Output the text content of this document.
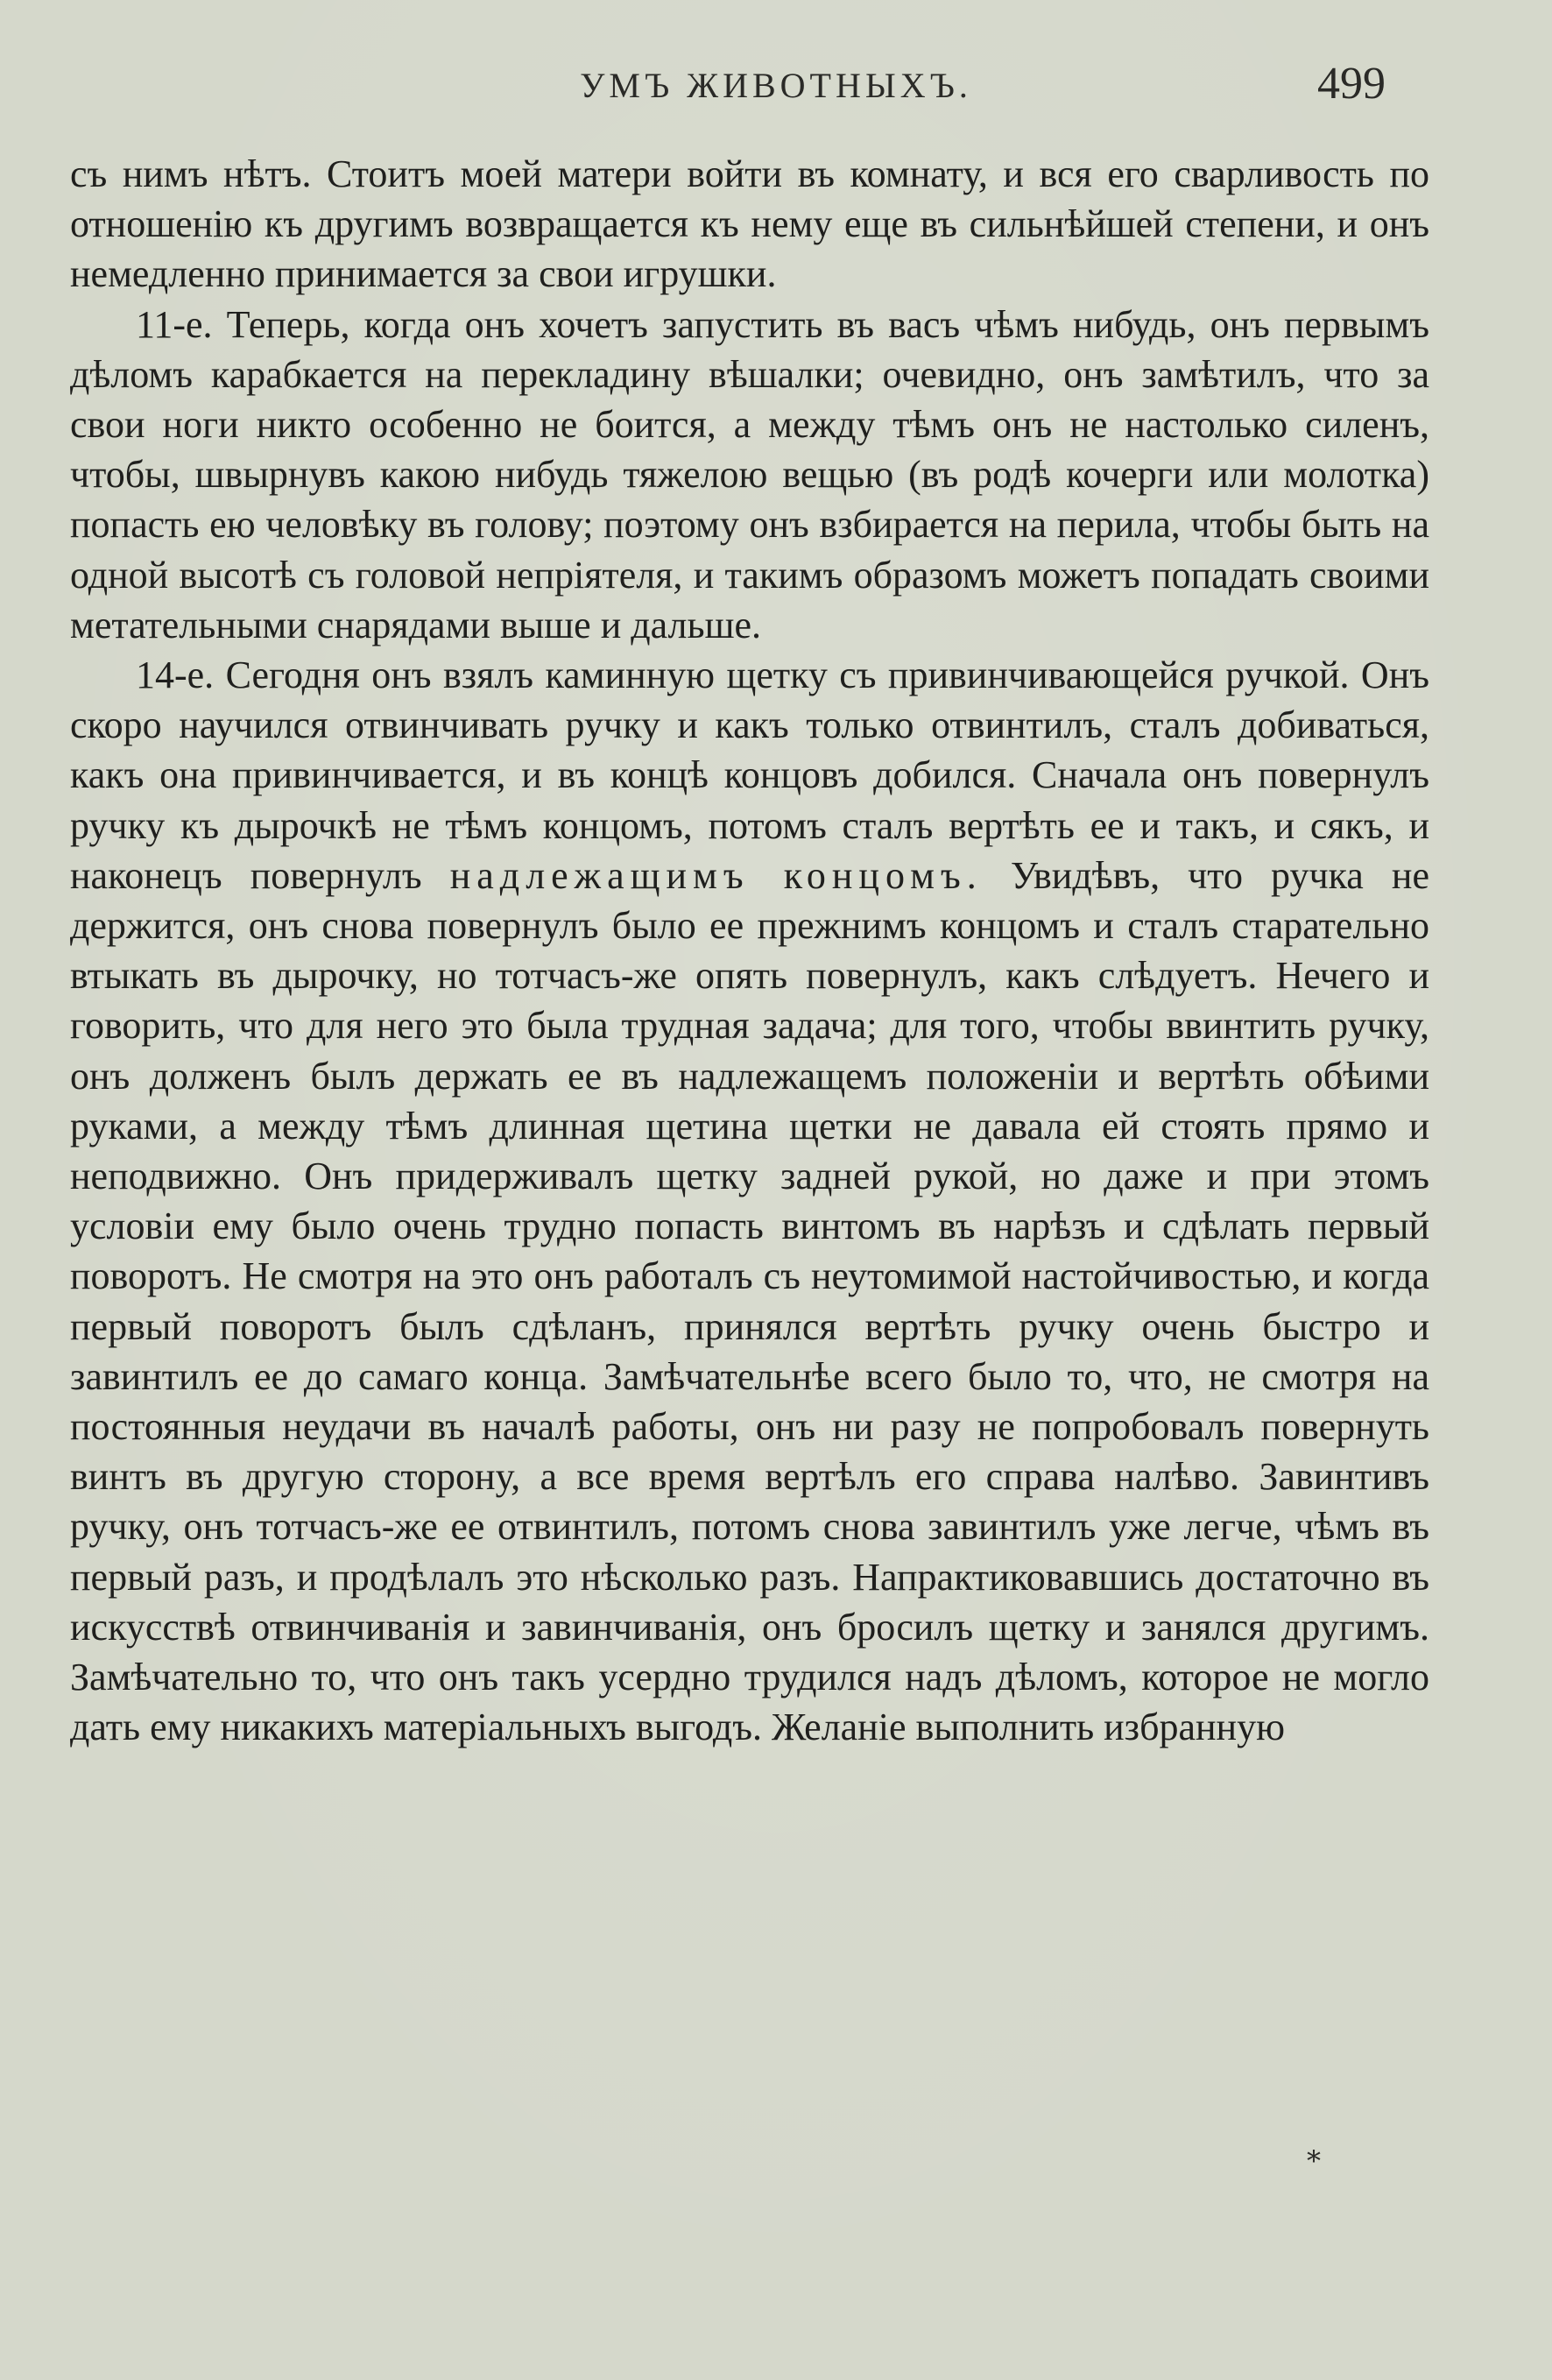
УМЪ ЖИВОТНЫХЪ.	499

съ нимъ нѣтъ. Стоитъ моей матери войти въ комнату, и вся его сварливость по отношенію къ другимъ возвращается къ нему еще въ сильнѣйшей степени, и онъ немедленно принимается за свои игрушки.

11-е. Теперь, когда онъ хочетъ запустить въ васъ чѣмъ нибудь, онъ первымъ дѣломъ карабкается на перекладину вѣшалки; очевидно, онъ замѣтилъ, что за свои ноги никто особенно не боится, а между тѣмъ онъ не настолько силенъ, чтобы, швырнувъ какою нибудь тяжелою вещью (въ родѣ кочерги или молотка) попасть ею человѣку въ голову; поэтому онъ взбирается на перила, чтобы быть на одной высотѣ съ головой непріятеля, и такимъ образомъ можетъ попадать своими метательными снарядами выше и дальше.

14-е. Сегодня онъ взялъ каминную щетку съ привинчивающейся ручкой. Онъ скоро научился отвинчивать ручку и какъ только отвинтилъ, сталъ добиваться, какъ она привинчивается, и въ концѣ концовъ добился. Сначала онъ повернулъ ручку къ дырочкѣ не тѣмъ концомъ, потомъ сталъ вертѣть ее и такъ, и сякъ, и наконецъ повернулъ надлежащимъ концомъ. Увидѣвъ, что ручка не держится, онъ снова повернулъ было ее прежнимъ концомъ и сталъ старательно втыкать въ дырочку, но тотчасъ-же опять повернулъ, какъ слѣдуетъ. Нечего и говорить, что для него это была трудная задача; для того, чтобы ввинтить ручку, онъ долженъ былъ держать ее въ надлежащемъ положеніи и вертѣть обѣими руками, а между тѣмъ длинная щетина щетки не давала ей стоять прямо и неподвижно. Онъ придерживалъ щетку задней рукой, но даже и при этомъ условіи ему было очень трудно попасть винтомъ въ нарѣзъ и сдѣлать первый поворотъ. Не смотря на это онъ работалъ съ неутомимой настойчивостью, и когда первый поворотъ былъ сдѣланъ, принялся вертѣть ручку очень быстро и завинтилъ ее до самаго конца. Замѣчательнѣе всего было то, что, не смотря на постоянныя неудачи въ началѣ работы, онъ ни разу не попробовалъ повернуть винтъ въ другую сторону, а все время вертѣлъ его справа налѣво. Завинтивъ ручку, онъ тотчасъ-же ее отвинтилъ, потомъ снова завинтилъ уже легче, чѣмъ въ первый разъ, и продѣлалъ это нѣсколько разъ. Напрактиковавшись достаточно въ искусствѣ отвинчиванія и завинчиванія, онъ бросилъ щетку и занялся другимъ. Замѣчательно то, что онъ такъ усердно трудился надъ дѣломъ, которое не могло дать ему никакихъ матеріальныхъ выгодъ. Желаніе выполнить избранную

*
